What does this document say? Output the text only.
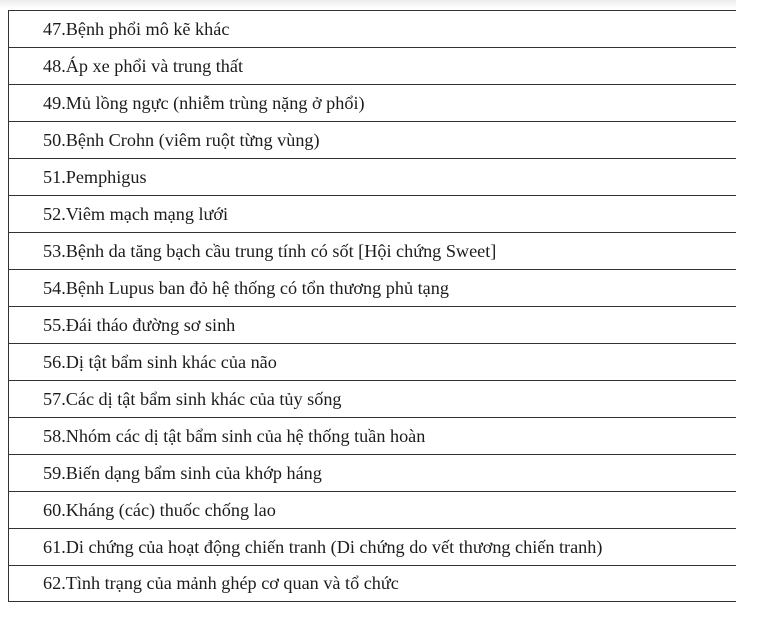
47.Bệnh phổi mô kẽ khác
48.Áp xe phổi và trung thất
49.Mủ lồng ngực (nhiễm trùng nặng ở phổi)
50.Bệnh Crohn (viêm ruột từng vùng)
51.Pemphigus
52.Viêm mạch mạng lưới
53.Bệnh da tăng bạch cầu trung tính có sốt [Hội chứng Sweet]
54.Bệnh Lupus ban đỏ hệ thống có tổn thương phủ tạng
55.Đái tháo đường sơ sinh
56.Dị tật bẩm sinh khác của não
57.Các dị tật bẩm sinh khác của tủy sống
58.Nhóm các dị tật bẩm sinh của hệ thống tuần hoàn
59.Biến dạng bẩm sinh của khớp háng
60.Kháng (các) thuốc chống lao
61.Di chứng của hoạt động chiến tranh (Di chứng do vết thương chiến tranh)
62.Tình trạng của mảnh ghép cơ quan và tổ chức
